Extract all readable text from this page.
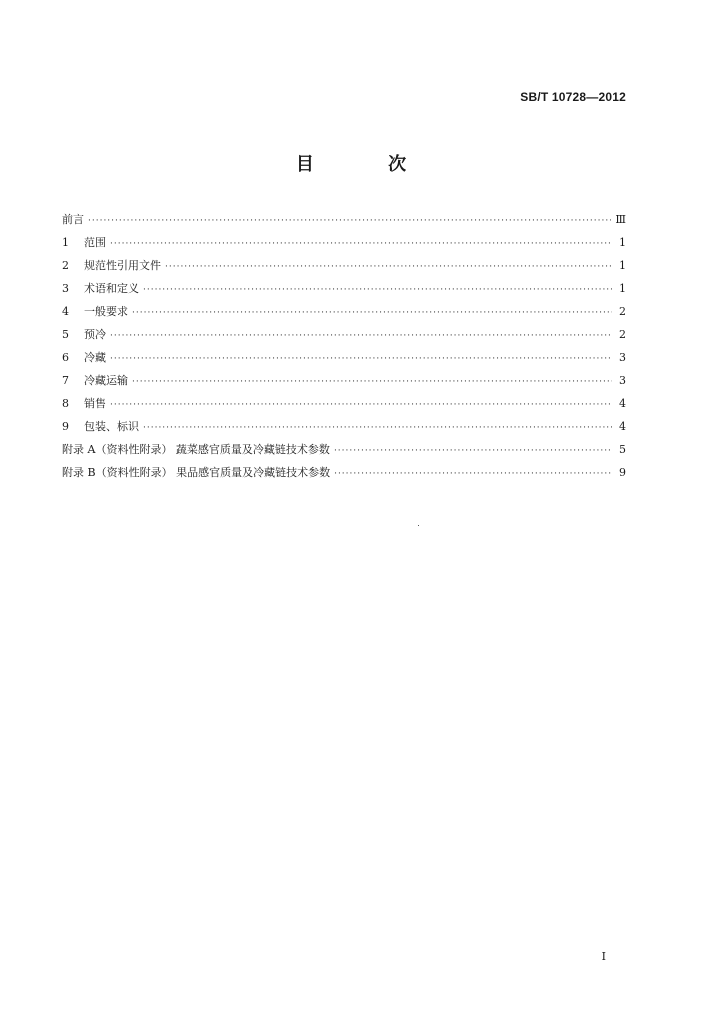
SB/T 10728—2012
目 次
前言 ·····	Ⅲ
1	范围 ·····	1
2	规范性引用文件 ·····	1
3	术语和定义 ·····	1
4	一般要求 ·····	2
5	预冷 ·····	2
6	冷藏 ·····	3
7	冷藏运输 ·····	3
8	销售 ·····	4
9	包装、标识 ·····	4
附录 A（资料性附录） 蔬菜感官质量及冷藏链技术参数 ·····	5
附录 B（资料性附录） 果品感官质量及冷藏链技术参数 ·····	9
Ⅰ
